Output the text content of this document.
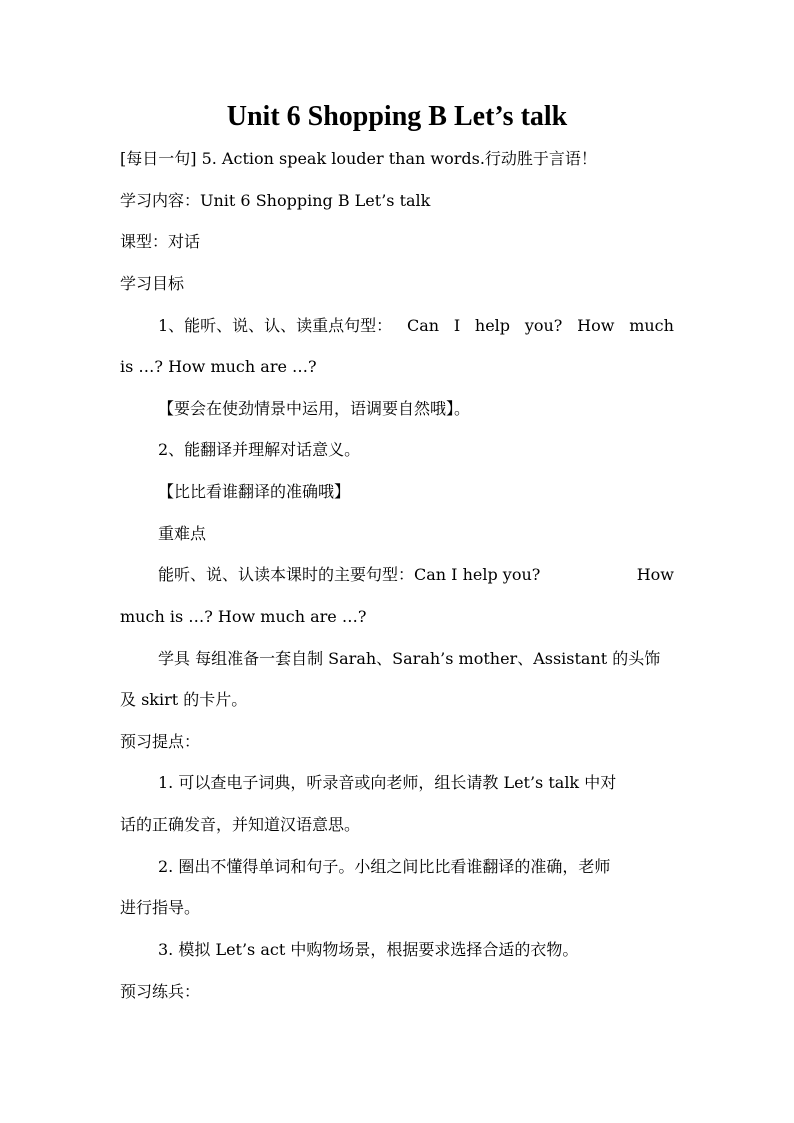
Unit 6 Shopping B Let’s talk
[每日一句] 5. Action speak louder than words.行动胜于言语！
学习内容：Unit 6 Shopping B Let’s talk
课型：对话
学习目标
1、能听、说、认、读重点句型： Can I help you? How much
is …? How much are …?
【要会在使劲情景中运用，语调要自然哦】。
2、能翻译并理解对话意义。
【比比看谁翻译的准确哦】
重难点
能听、说、认读本课时的主要句型：Can I help you?	How
much is …? How much are …?
学具 每组准备一套自制 Sarah、Sarah’s mother、Assistant 的头饰
及 skirt 的卡片。
预习提点：
1. 可以查电子词典，听录音或向老师，组长请教 Let’s talk 中对
话的正确发音，并知道汉语意思。
2. 圈出不懂得单词和句子。小组之间比比看谁翻译的准确，老师
进行指导。
3. 模拟 Let’s act 中购物场景，根据要求选择合适的衣物。
预习练兵：
